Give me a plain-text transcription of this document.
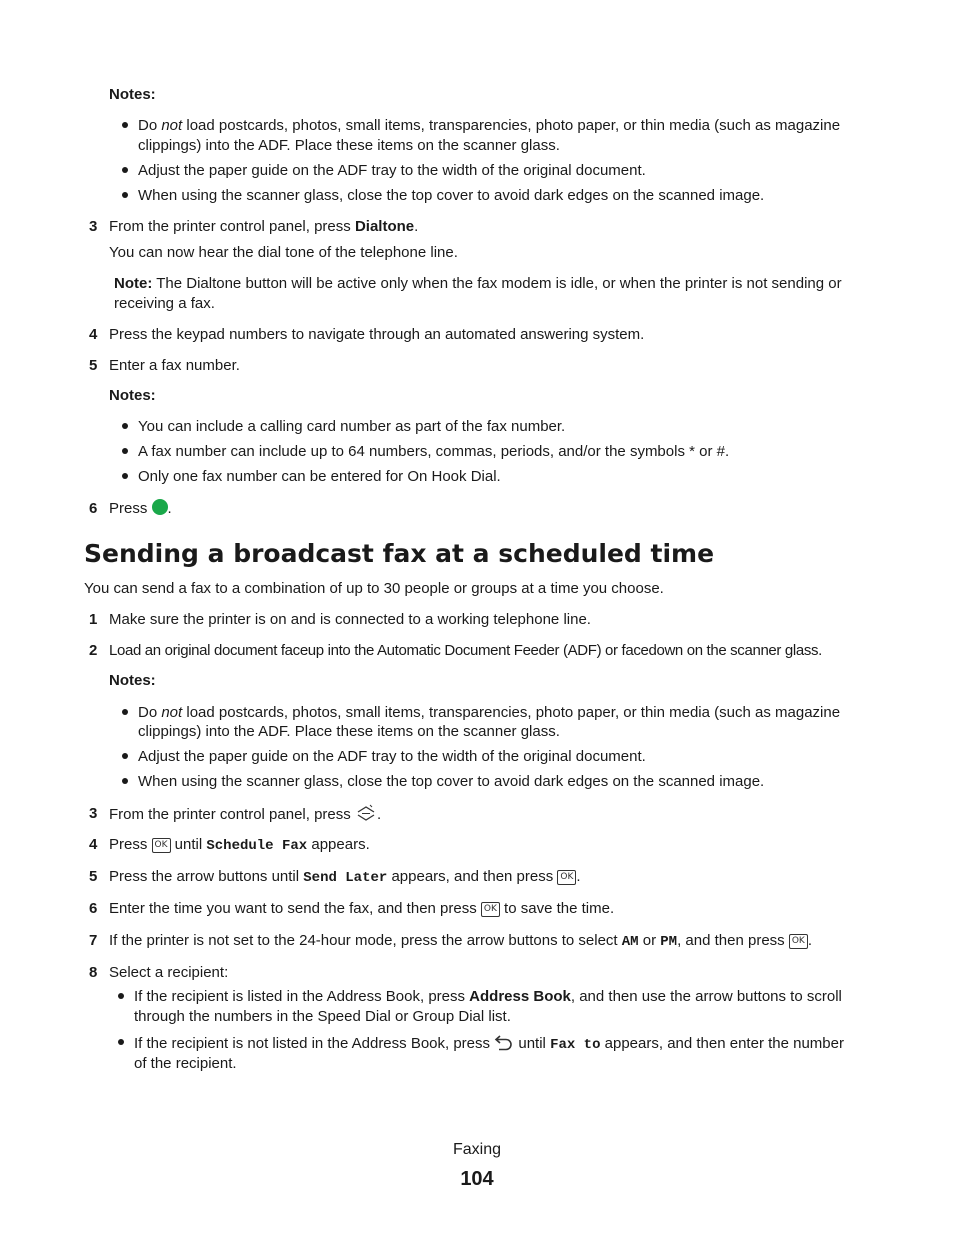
Notes:
Do not load postcards, photos, small items, transparencies, photo paper, or thin media (such as magazine
clippings) into the ADF. Place these items on the scanner glass.
Adjust the paper guide on the ADF tray to the width of the original document.
When using the scanner glass, close the top cover to avoid dark edges on the scanned image.
3 From the printer control panel, press Dialtone.
You can now hear the dial tone of the telephone line.
Note: The Dialtone button will be active only when the fax modem is idle, or when the printer is not sending or
receiving a fax.
4 Press the keypad numbers to navigate through an automated answering system.
5 Enter a fax number.
Notes:
You can include a calling card number as part of the fax number.
A fax number can include up to 64 numbers, commas, periods, and/or the symbols * or #.
Only one fax number can be entered for On Hook Dial.
6 Press .
Sending a broadcast fax at a scheduled time
You can send a fax to a combination of up to 30 people or groups at a time you choose.
1 Make sure the printer is on and is connected to a working telephone line.
2 Load an original document faceup into the Automatic Document Feeder (ADF) or facedown on the scanner glass.
Notes:
Do not load postcards, photos, small items, transparencies, photo paper, or thin media (such as magazine
clippings) into the ADF. Place these items on the scanner glass.
Adjust the paper guide on the ADF tray to the width of the original document.
When using the scanner glass, close the top cover to avoid dark edges on the scanned image.
3 From the printer control panel, press .
4 Press OK until Schedule Fax appears.
5 Press the arrow buttons until Send Later appears, and then press OK .
6 Enter the time you want to send the fax, and then press OK to save the time.
7 If the printer is not set to the 24-hour mode, press the arrow buttons to select AM or PM, and then press OK .
8 Select a recipient:
If the recipient is listed in the Address Book, press Address Book, and then use the arrow buttons to scroll
through the numbers in the Speed Dial or Group Dial list.
If the recipient is not listed in the Address Book, press  until Fax to appears, and then enter the number
of the recipient.
Faxing
104
